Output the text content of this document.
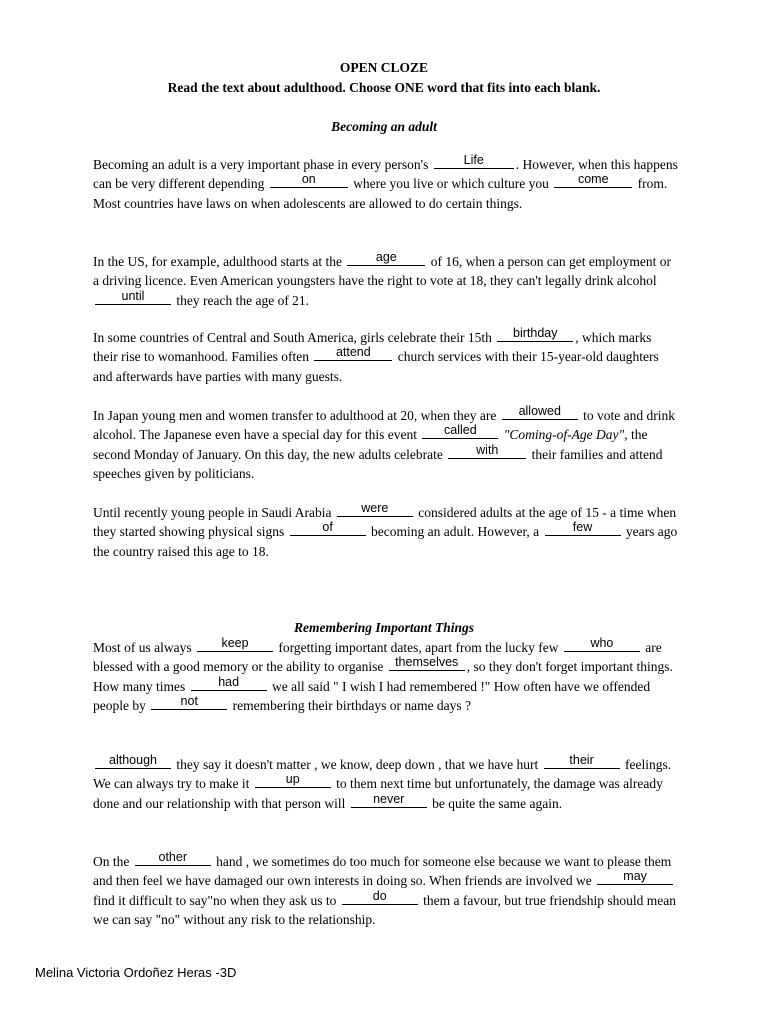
OPEN CLOZE
Read the text about adulthood. Choose ONE word that fits into each blank.
Becoming an adult

Becoming an adult is a very important phase in every person's	Life	. However, when this happens can be very different depending	on	where you live or which culture you	come	from. Most countries have laws on when adolescents are allowed to do certain things.

In the US, for example, adulthood starts at the	age	of 16, when a person can get employment or a driving licence. Even American youngsters have the right to vote at 18, they can't legally drink alcohol
until	they reach the age of 21.

In some countries of Central and South America, girls celebrate their 15th	birthday	, which marks their rise to womanhood. Families often	attend	church services with their 15-year-old daughters and afterwards have parties with many guests.

In Japan young men and women transfer to adulthood at 20, when they are	allowed	to vote and drink alcohol. The Japanese even have a special day for this event	called	"Coming-of-Age Day", the second Monday of January. On this day, the new adults celebrate	with	their families and attend speeches given by politicians.

Until recently young people in Saudi Arabia	were	considered adults at the age of 15 - a time when they started showing physical signs	of	becoming an adult. However, a	few	years ago the country raised this age to 18.

Remembering Important Things

Most of us always	keep	forgetting important dates, apart from the lucky few	who	are blessed with a good memory or the ability to organise themselves , so they don't forget important things. How many times	had	we all said " I wish I had remembered !" How often have we offended people by	not	remembering their birthdays or name days ?

although	they say it doesn't matter , we know, deep down , that we have hurt	their	feelings. We can always try to make it	up	to them next time but unfortunately, the damage was already done and our relationship with that person will	never	be quite the same again.

On the	other	hand , we sometimes do too much for someone else because we want to please them and then feel we have damaged our own interests in doing so. When friends are involved we	may
find it difficult to say"no when they ask us to	do	them a favour, but true friendship should mean we can say "no" without any risk to the relationship.

Melina Victoria Ordoñez Heras -3D
